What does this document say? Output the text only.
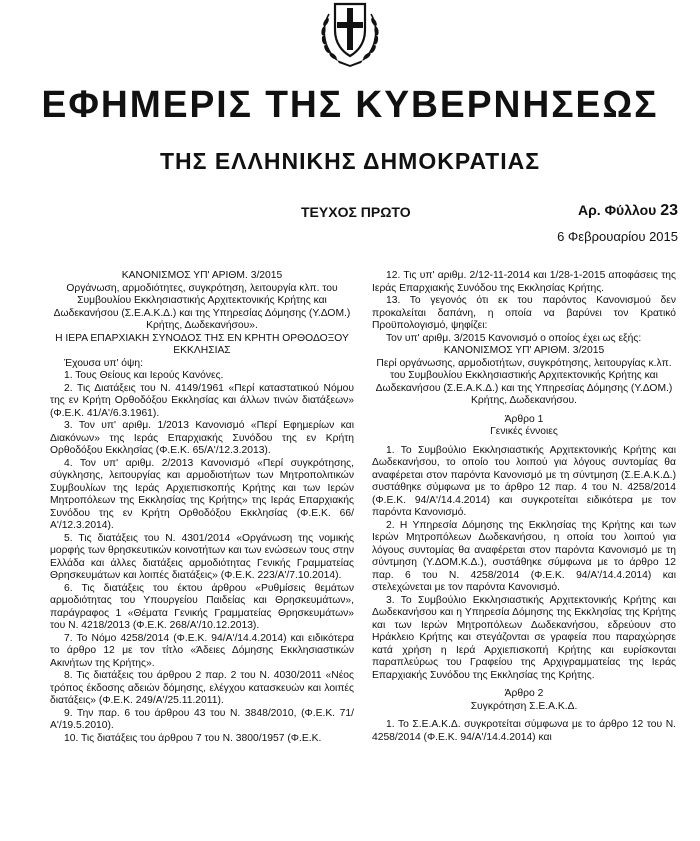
ΕΦΗΜΕΡΙΣ ΤΗΣ ΚΥΒΕΡΝΗΣΕΩΣ
ΤΗΣ ΕΛΛΗΝΙΚΗΣ ΔΗΜΟΚΡΑΤΙΑΣ
ΤΕΥΧΟΣ ΠΡΩΤΟ	Αρ. Φύλλου 23
6 Φεβρουαρίου 2015

ΚΑΝΟΝΙΣΜΟΣ ΥΠ' ΑΡΙΘΜ. 3/2015

Οργάνωση, αρμοδιότητες, συγκρότηση, λειτουργία κλπ. του Συμβουλίου Εκκλησιαστικής Αρχιτεκτονικής Κρήτης και Δωδεκανήσου (Σ.Ε.Α.Κ.Δ.) και της Υπηρεσίας Δόμησης (Υ.ΔΟΜ.) Κρήτης, Δωδεκανήσου».

Η ΙΕΡΑ ΕΠΑΡΧΙΑΚΗ ΣΥΝΟΔΟΣ ΤΗΣ ΕΝ ΚΡΗΤΗ ΟΡΘΟΔΟΞΟΥ ΕΚΚΛΗΣΙΑΣ

Έχουσα υπ' όψη:

1. Τους Θείους και Ιερούς Κανόνες.

2. Τις Διατάξεις του Ν. 4149/1961 «Περί καταστατικού Νόμου της εν Κρήτη Ορθοδόξου Εκκλησίας και άλλων τινών διατάξεων» (Φ.Ε.Κ. 41/Α'/6.3.1961).

3. Τον υπ' αριθμ. 1/2013 Κανονισμό «Περί Εφημερίων και Διακόνων» της Ιεράς Επαρχιακής Συνόδου της εν Κρήτη Ορθοδόξου Εκκλησίας (Φ.Ε.Κ. 65/Α'/12.3.2013).

4. Τον υπ' αριθμ. 2/2013 Κανονισμό «Περί συγκρότησης, σύγκλησης, λειτουργίας και αρμοδιοτήτων των Μητροπολιτικών Συμβουλίων της Ιεράς Αρχιεπισκοπής Κρήτης και των Ιερών Μητροπόλεων της Εκκλησίας της Κρήτης» της Ιεράς Επαρχιακής Συνόδου της εν Κρήτη Ορθοδόξου Εκκλησίας (Φ.Ε.Κ. 66/Α'/12.3.2014).

5. Τις διατάξεις του Ν. 4301/2014 «Οργάνωση της νομικής μορφής των θρησκευτικών κοινοτήτων και των ενώσεων τους στην Ελλάδα και άλλες διατάξεις αρμοδιότητας Γενικής Γραμματείας Θρησκευμάτων και λοιπές διατάξεις» (Φ.Ε.Κ. 223/Α'/7.10.2014).

6. Τις διατάξεις του έκτου άρθρου «Ρυθμίσεις θεμάτων αρμοδιότητας του Υπουργείου Παιδείας και Θρησκευμάτων», παράγραφος 1 «Θέματα Γενικής Γραμματείας Θρησκευμάτων» του Ν. 4218/2013 (Φ.Ε.Κ. 268/Α'/10.12.2013).

7. Το Νόμο 4258/2014 (Φ.Ε.Κ. 94/Α'/14.4.2014) και ειδικότερα το άρθρο 12 με τον τίτλο «Άδειες Δόμησης Εκκλησιαστικών Ακινήτων της Κρήτης».

8. Τις διατάξεις του άρθρου 2 παρ. 2 του Ν. 4030/2011 «Νέος τρόπος έκδοσης αδειών δόμησης, ελέγχου κατασκευών και λοιπές διατάξεις» (Φ.Ε.Κ. 249/Α'/25.11.2011).

9. Την παρ. 6 του άρθρου 43 του Ν. 3848/2010, (Φ.Ε.Κ. 71/Α'/19.5.2010).

10. Τις διατάξεις του άρθρου 7 του Ν. 3800/1957 (Φ.Ε.Κ.

12. Τις υπ' αριθμ. 2/12-11-2014 και 1/28-1-2015 αποφάσεις της Ιεράς Επαρχιακής Συνόδου της Εκκλησίας Κρήτης.

13. Το γεγονός ότι εκ του παρόντος Κανονισμού δεν προκαλείται δαπάνη, η οποία να βαρύνει τον Κρατικό Προϋπολογισμό, ψηφίζει:

Τον υπ' αριθμ. 3/2015 Κανονισμό ο οποίος έχει ως εξής:

ΚΑΝΟΝΙΣΜΟΣ ΥΠ' ΑΡΙΘΜ. 3/2015

Περί οργάνωσης, αρμοδιοτήτων, συγκρότησης, λειτουργίας κ.λπ. του Συμβουλίου Εκκλησιαστικής Αρχιτεκτονικής Κρήτης και Δωδεκανήσου (Σ.Ε.Α.Κ.Δ.) και της Υπηρεσίας Δόμησης (Υ.ΔΟΜ.) Κρήτης, Δωδεκανήσου.

Άρθρο 1

Γενικές έννοιες

1. Το Συμβούλιο Εκκλησιαστικής Αρχιτεκτονικής Κρήτης και Δωδεκανήσου, το οποίο του λοιπού για λόγους συντομίας θα αναφέρεται στον παρόντα Κανονισμό με τη σύντμηση (Σ.Ε.Α.Κ.Δ.) συστάθηκε σύμφωνα με το άρθρο 12 παρ. 4 του Ν. 4258/2014 (Φ.Ε.Κ. 94/Α'/14.4.2014) και συγκροτείται ειδικότερα με τον παρόντα Κανονισμό.

2. Η Υπηρεσία Δόμησης της Εκκλησίας της Κρήτης και των Ιερών Μητροπόλεων Δωδεκανήσου, η οποία του λοιπού για λόγους συντομίας θα αναφέρεται στον παρόντα Κανονισμό με τη σύντμηση (Υ.ΔΟΜ.Κ.Δ.), συστάθηκε σύμφωνα με το άρθρο 12 παρ. 6 του Ν. 4258/2014 (Φ.Ε.Κ. 94/Α'/14.4.2014) και στελεχώνεται με τον παρόντα Κανονισμό.

3. Το Συμβούλιο Εκκλησιαστικής Αρχιτεκτονικής Κρήτης και Δωδεκανήσου και η Υπηρεσία Δόμησης της Εκκλησίας της Κρήτης και των Ιερών Μητροπόλεων Δωδεκανήσου, εδρεύουν στο Ηράκλειο Κρήτης και στεγάζονται σε γραφεία που παραχώρησε κατά χρήση η Ιερά Αρχιεπισκοπή Κρήτης και ευρίσκονται παραπλεύρως του Γραφείου της Αρχιγραμματείας της Ιεράς Επαρχιακής Συνόδου της Εκκλησίας της Κρήτης.

Άρθρο 2

Συγκρότηση Σ.Ε.Α.Κ.Δ.

1. Το Σ.Ε.Α.Κ.Δ. συγκροτείται σύμφωνα με το άρθρο 12 του Ν. 4258/2014 (Φ.Ε.Κ. 94/Α'/14.4.2014) και
